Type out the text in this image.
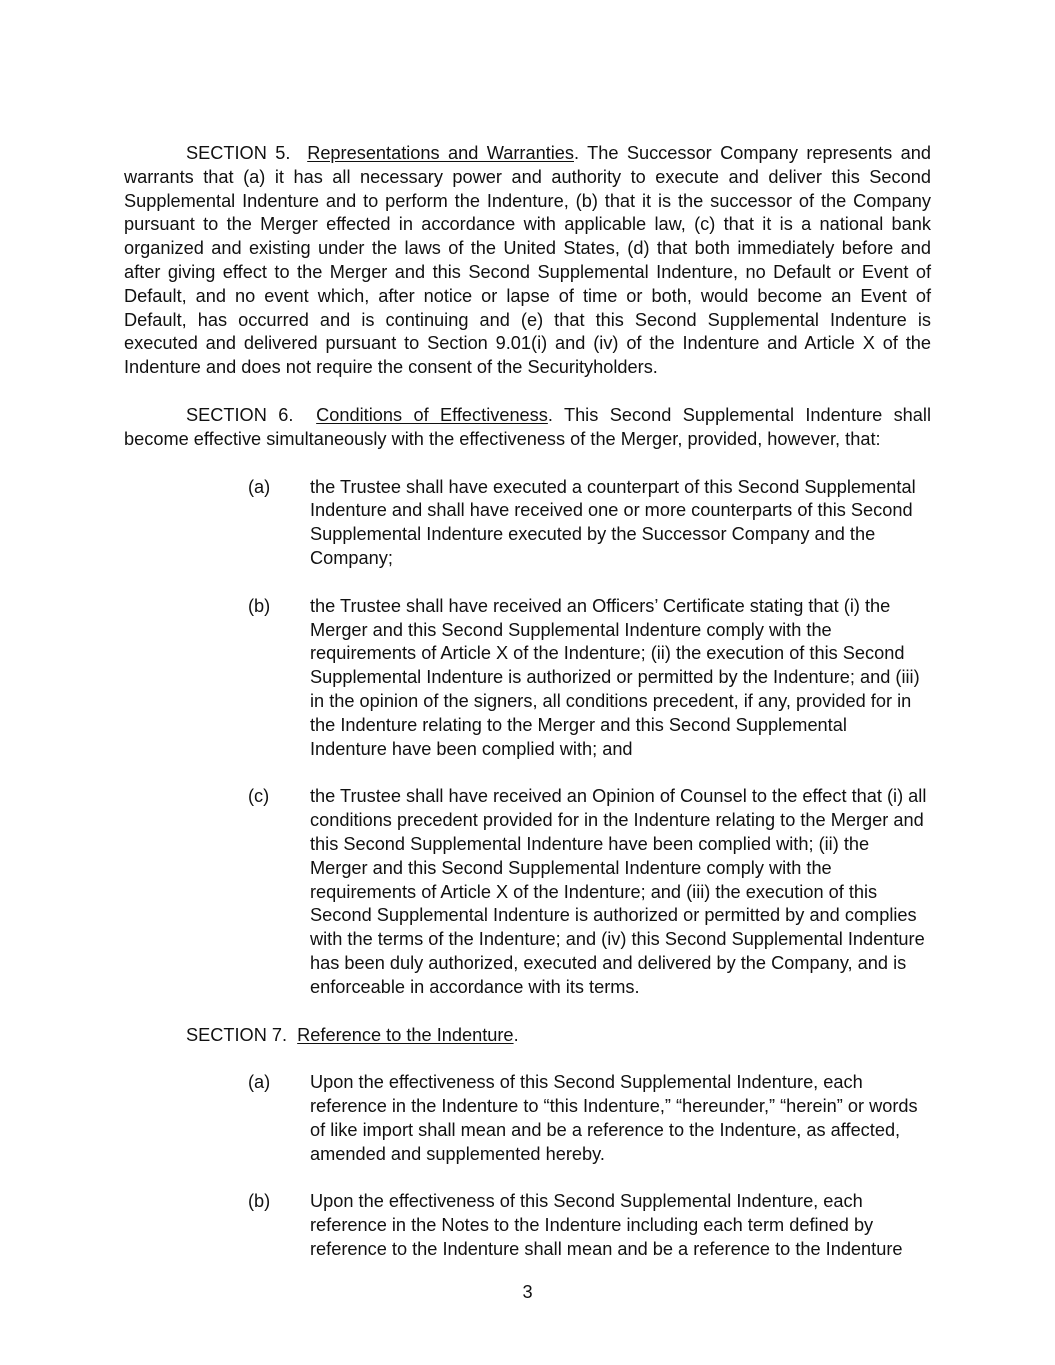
SECTION 5. Representations and Warranties. The Successor Company represents and warrants that (a) it has all necessary power and authority to execute and deliver this Second Supplemental Indenture and to perform the Indenture, (b) that it is the successor of the Company pursuant to the Merger effected in accordance with applicable law, (c) that it is a national bank organized and existing under the laws of the United States, (d) that both immediately before and after giving effect to the Merger and this Second Supplemental Indenture, no Default or Event of Default, and no event which, after notice or lapse of time or both, would become an Event of Default, has occurred and is continuing and (e) that this Second Supplemental Indenture is executed and delivered pursuant to Section 9.01(i) and (iv) of the Indenture and Article X of the Indenture and does not require the consent of the Securityholders.

SECTION 6. Conditions of Effectiveness. This Second Supplemental Indenture shall become effective simultaneously with the effectiveness of the Merger, provided, however, that:

(a)	the Trustee shall have executed a counterpart of this Second Supplemental Indenture and shall have received one or more counterparts of this Second Supplemental Indenture executed by the Successor Company and the Company;
(b)	the Trustee shall have received an Officers’ Certificate stating that (i) the Merger and this Second Supplemental Indenture comply with the requirements of Article X of the Indenture; (ii) the execution of this Second Supplemental Indenture is authorized or permitted by the Indenture; and (iii) in the opinion of the signers, all conditions precedent, if any, provided for in the Indenture relating to the Merger and this Second Supplemental Indenture have been complied with; and
(c)	the Trustee shall have received an Opinion of Counsel to the effect that (i) all conditions precedent provided for in the Indenture relating to the Merger and this Second Supplemental Indenture have been complied with; (ii) the Merger and this Second Supplemental Indenture comply with the requirements of Article X of the Indenture; and (iii) the execution of this Second Supplemental Indenture is authorized or permitted by and complies with the terms of the Indenture; and (iv) this Second Supplemental Indenture has been duly authorized, executed and delivered by the Company, and is enforceable in accordance with its terms.

SECTION 7. Reference to the Indenture.

(a)	Upon the effectiveness of this Second Supplemental Indenture, each reference in the Indenture to “this Indenture,” “hereunder,” “herein” or words of like import shall mean and be a reference to the Indenture, as affected, amended and supplemented hereby.
(b)	Upon the effectiveness of this Second Supplemental Indenture, each reference in the Notes to the Indenture including each term defined by reference to the Indenture shall mean and be a reference to the Indenture
3
